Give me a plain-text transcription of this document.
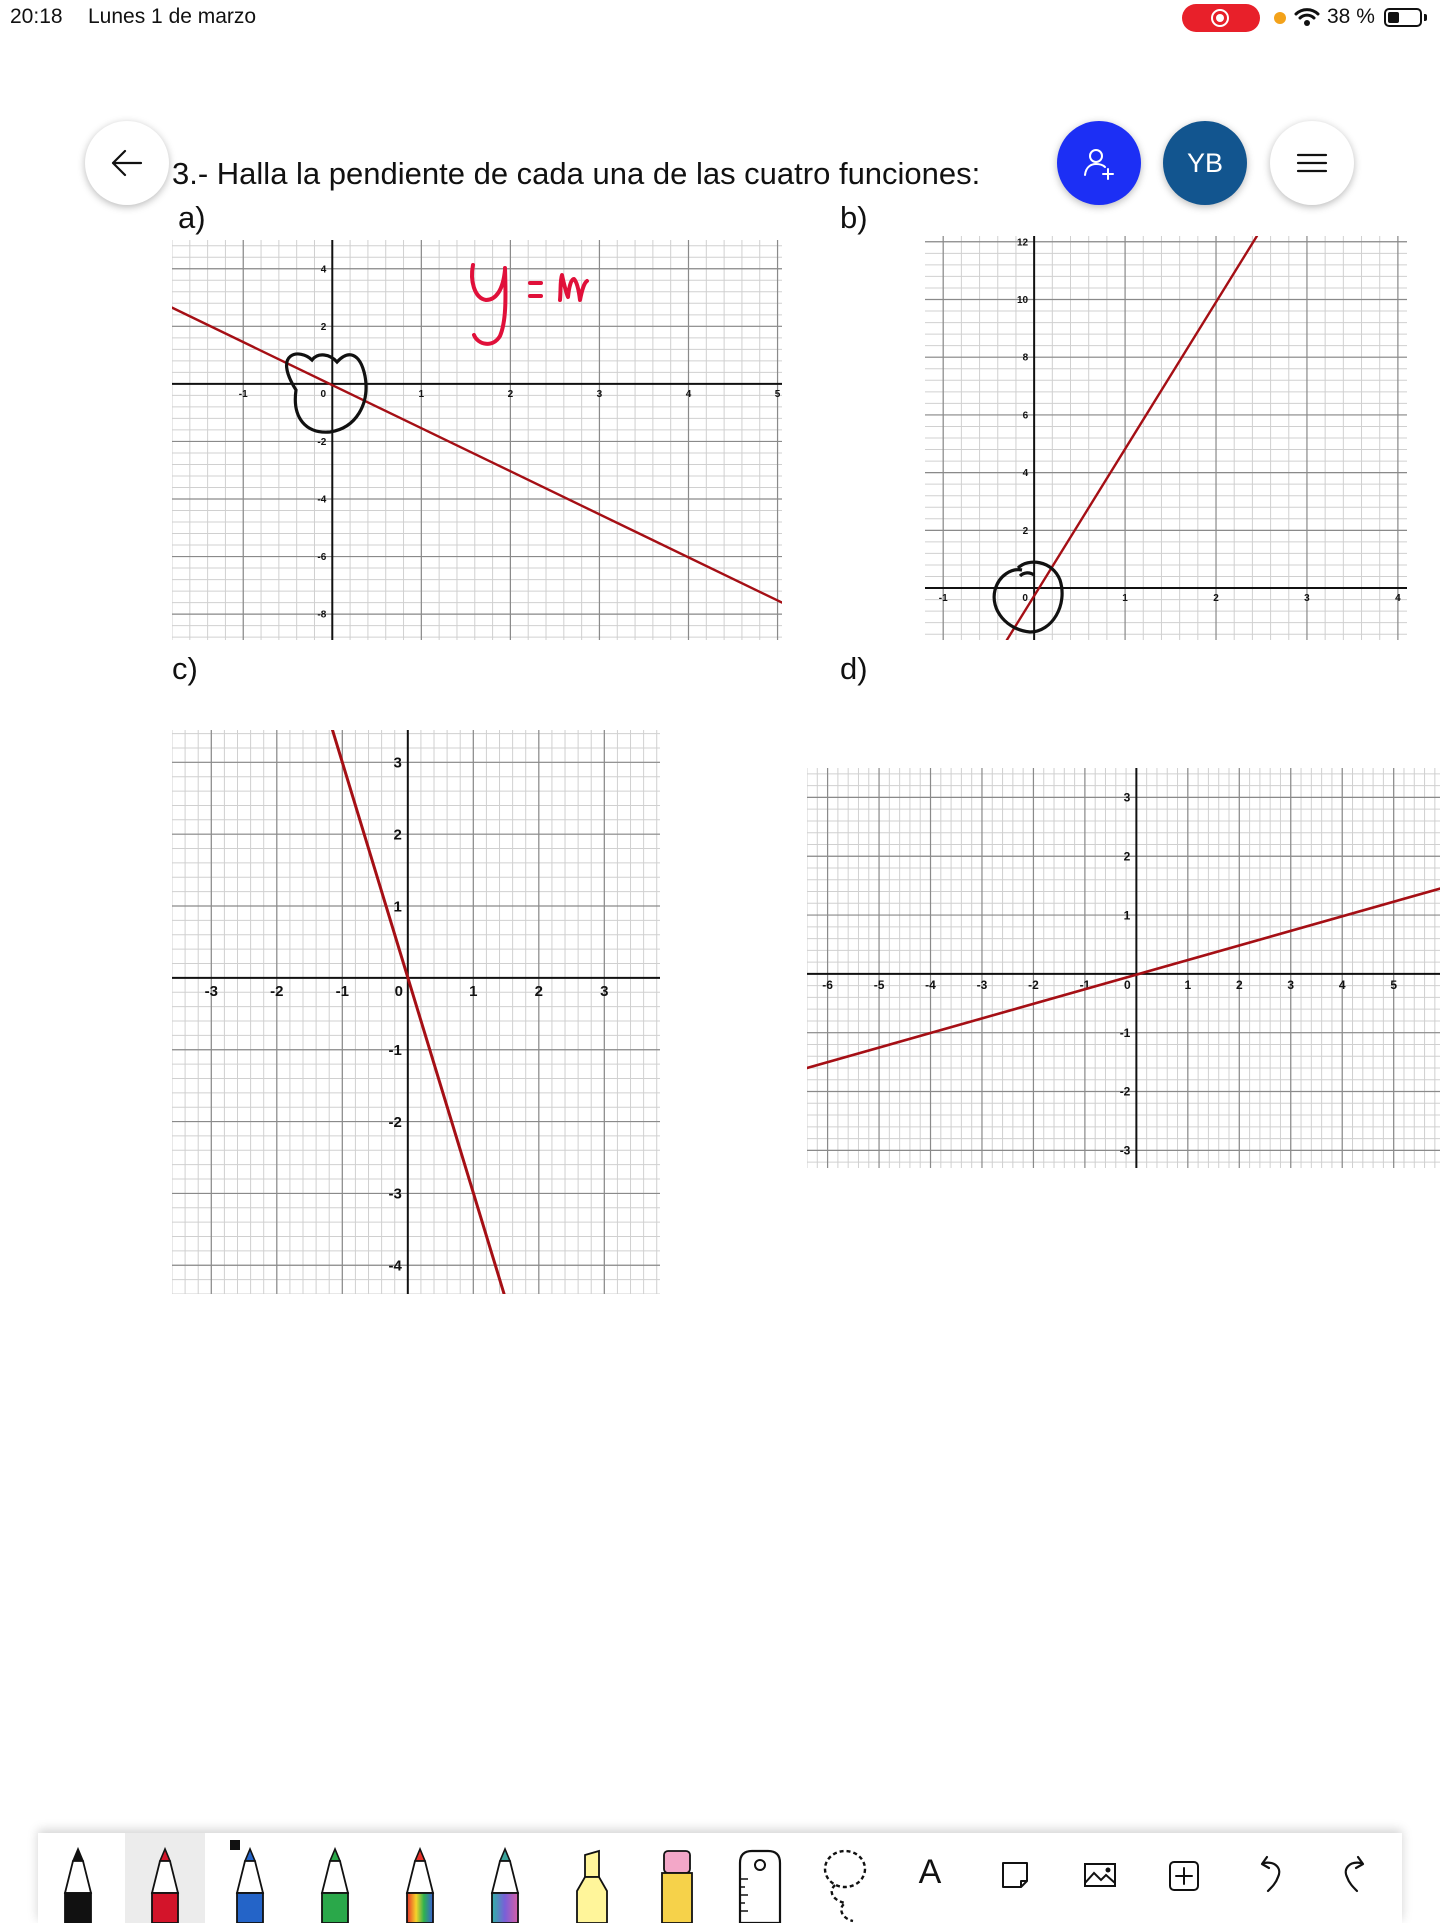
20:18 Lunes 1 de marzo	38 %
YB
3.- Halla la pendiente de cada una de las cuatro funciones:
a)	b)
c)	d)
-1	0	1	2	3	4	5
4
2
-2
-4
-6
-8
-1	0	1	2	3	4
12
10
8
6
4
2
-3	-2	-1	0	1	2	3
3
2
1
-1
-2
-3
-4
-6	-5	-4	-3	-2	-1	0	1	2	3	4	5
3
2
1
-1
-2
-3
A
